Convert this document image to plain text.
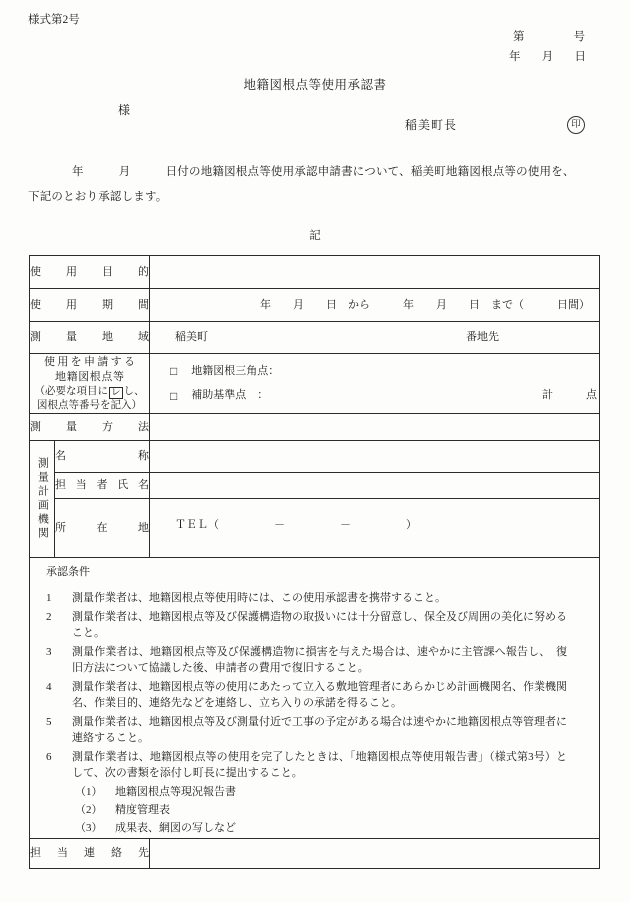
様式第2号
第	号
年 月 日
地籍図根点等使用承認書
様
稲美町長	印
年　　　月　　　日付の地籍図根点等使用承認申請書について、稲美町地籍図根点等の使用を、
下記のとおり承認します。
記
使用目的		
使用期間		年　　月　　日　から　　　年　　月　　日　まで（　　　日間）

測量地域		稲美町 番地先

使用を申請する
地籍図根点等
（必要な項目に レ し、
図根点等番号を記入）

□ 地籍図根三角点：
□ 補助基準点　：	計　　　点

測量方法		

測量計画機関	名称	
	担当者氏名	
	所在地	ＴＥＬ（　　　　　－　　　　　－　　　　　）

承認条件
1	測量作業者は、地籍図根点等使用時には、この使用承認書を携帯すること。
2	測量作業者は、地籍図根点等及び保護構造物の取扱いには十分留意し、保全及び周囲の美化に努めること。
3	測量作業者は、地籍図根点等及び保護構造物に損害を与えた場合は、速やかに主管課へ報告し、　復旧方法について協議した後、申請者の費用で復旧すること。
4	測量作業者は、地籍図根点等の使用にあたって立入る敷地管理者にあらかじめ計画機関名、作業機関名、作業目的、連絡先などを連絡し、立ち入りの承諾を得ること。
5	測量作業者は、地籍図根点等及び測量付近で工事の予定がある場合は速やかに地籍図根点等管理者に連絡すること。
6	測量作業者は、地籍図根点等の使用を完了したときは、「地籍図根点等使用報告書」（様式第3号）として、次の書類を添付し町長に提出すること。
（1）	地籍図根点等現況報告書
（2）	精度管理表
（3）	成果表、網図の写しなど

担当連絡先		
